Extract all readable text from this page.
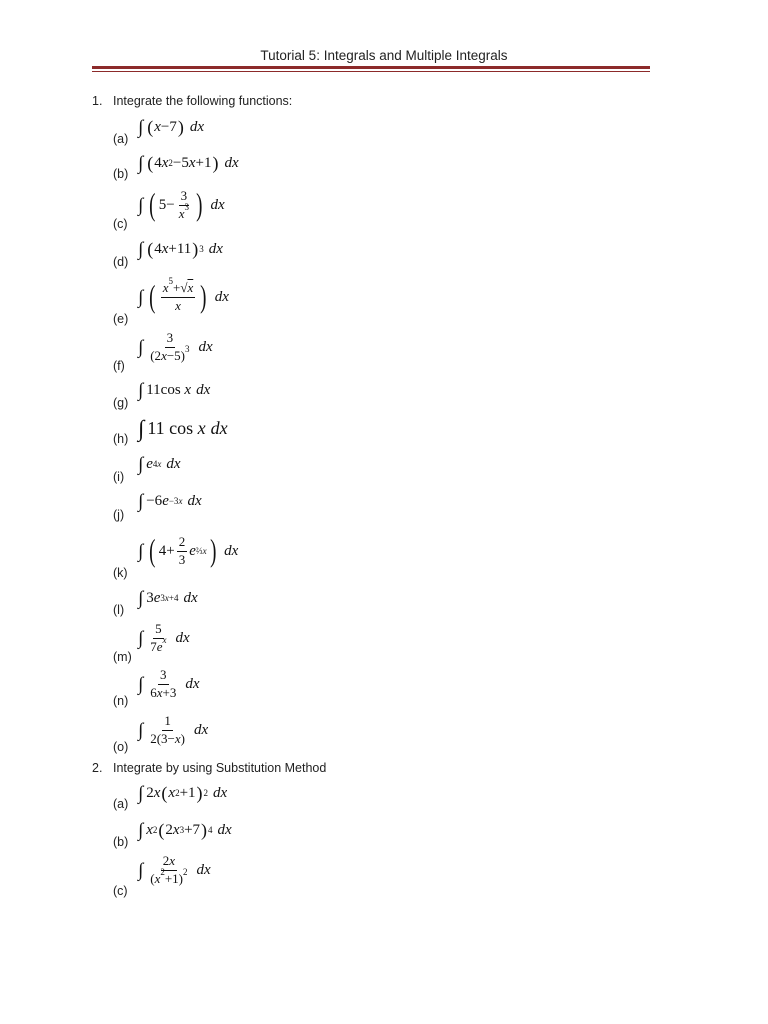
Tutorial 5: Integrals and Multiple Integrals
1. Integrate the following functions:
(a)
(b)
(c)
(d)
(e)
(f)
(g)
(h)
(i)
(j)
(k)
(l)
(m)
(n)
(o)
∫ ( x −7 ) dx
∫ ( 4 x 2 −5 x +1 ) dx
∫ ( $5- \frac{3}{x^3}$ ) dx
∫ ( 4 x +11 ) 3 dx
∫ ( $\frac{x^5+√x}{x}$ ) dx
∫ $\frac{3}{(2x-5)^3}$ dx
∫ 11cos x dx
∫ 11 cos x dx
∫ e 4x dx
∫ −6 e −3x dx
∫ ( $4+ \frac{2}{3}$ e ⅔x ) dx
∫ 3 e 3x+4 dx
∫ $\frac{5}{7e^x}$ dx
∫ $\frac{3}{6x+3}$ dx
∫ $\frac{1}{2(3-x)}$ dx
2. Integrate by using Substitution Method
(a)
(b)
(c)
∫ 2 x ( x 2 +1 ) 2 dx
∫ x 2 ( 2 x 3 +7 ) 4 dx
∫ $\frac{2x}{(x^2+1)^2}$ dx
